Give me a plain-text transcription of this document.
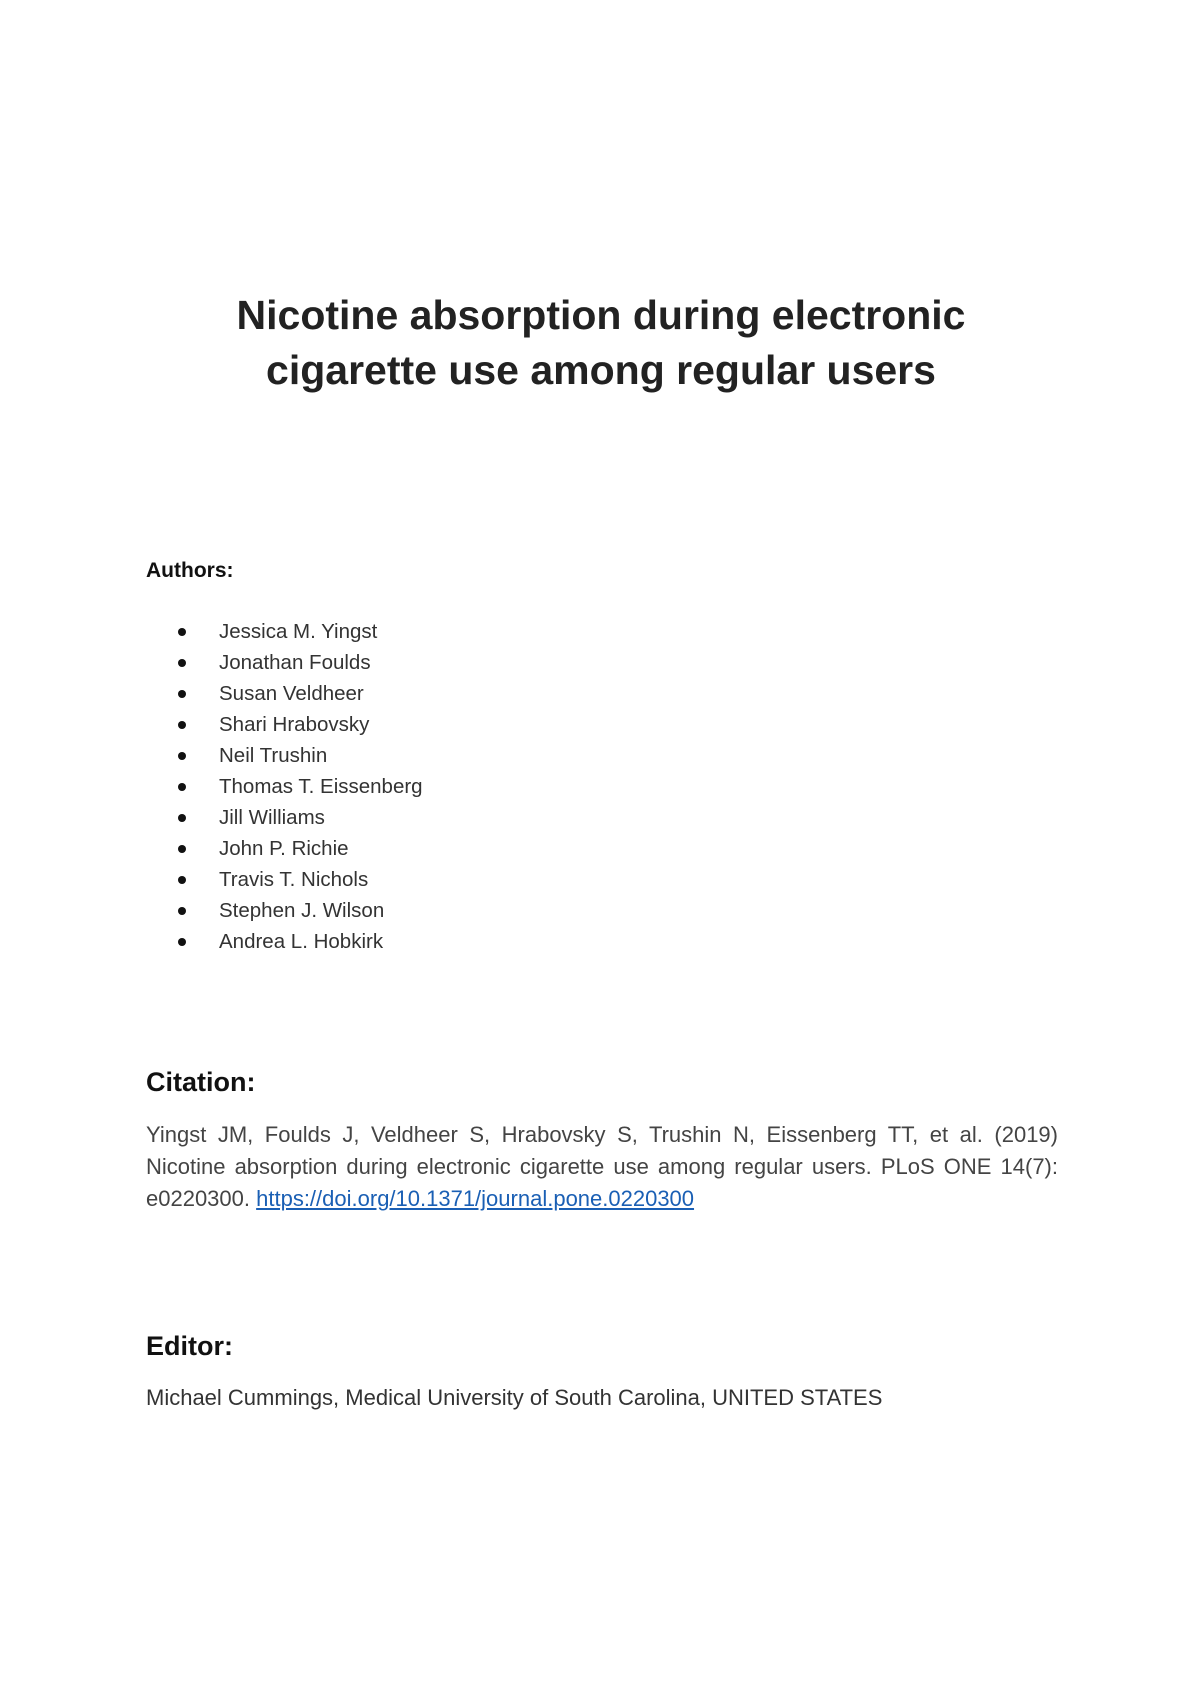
Nicotine absorption during electronic
cigarette use among regular users
Authors:
Jessica M. Yingst
Jonathan Foulds
Susan Veldheer
Shari Hrabovsky
Neil Trushin
Thomas T. Eissenberg
Jill Williams
John P. Richie
Travis T. Nichols
Stephen J. Wilson
Andrea L. Hobkirk
Citation:

Yingst JM, Foulds J, Veldheer S, Hrabovsky S, Trushin N, Eissenberg TT, et al. (2019) Nicotine absorption during electronic cigarette use among regular users. PLoS ONE 14(7): e0220300. https://doi.org/10.1371/journal.pone.0220300

Editor:

Michael Cummings, Medical University of South Carolina, UNITED STATES
